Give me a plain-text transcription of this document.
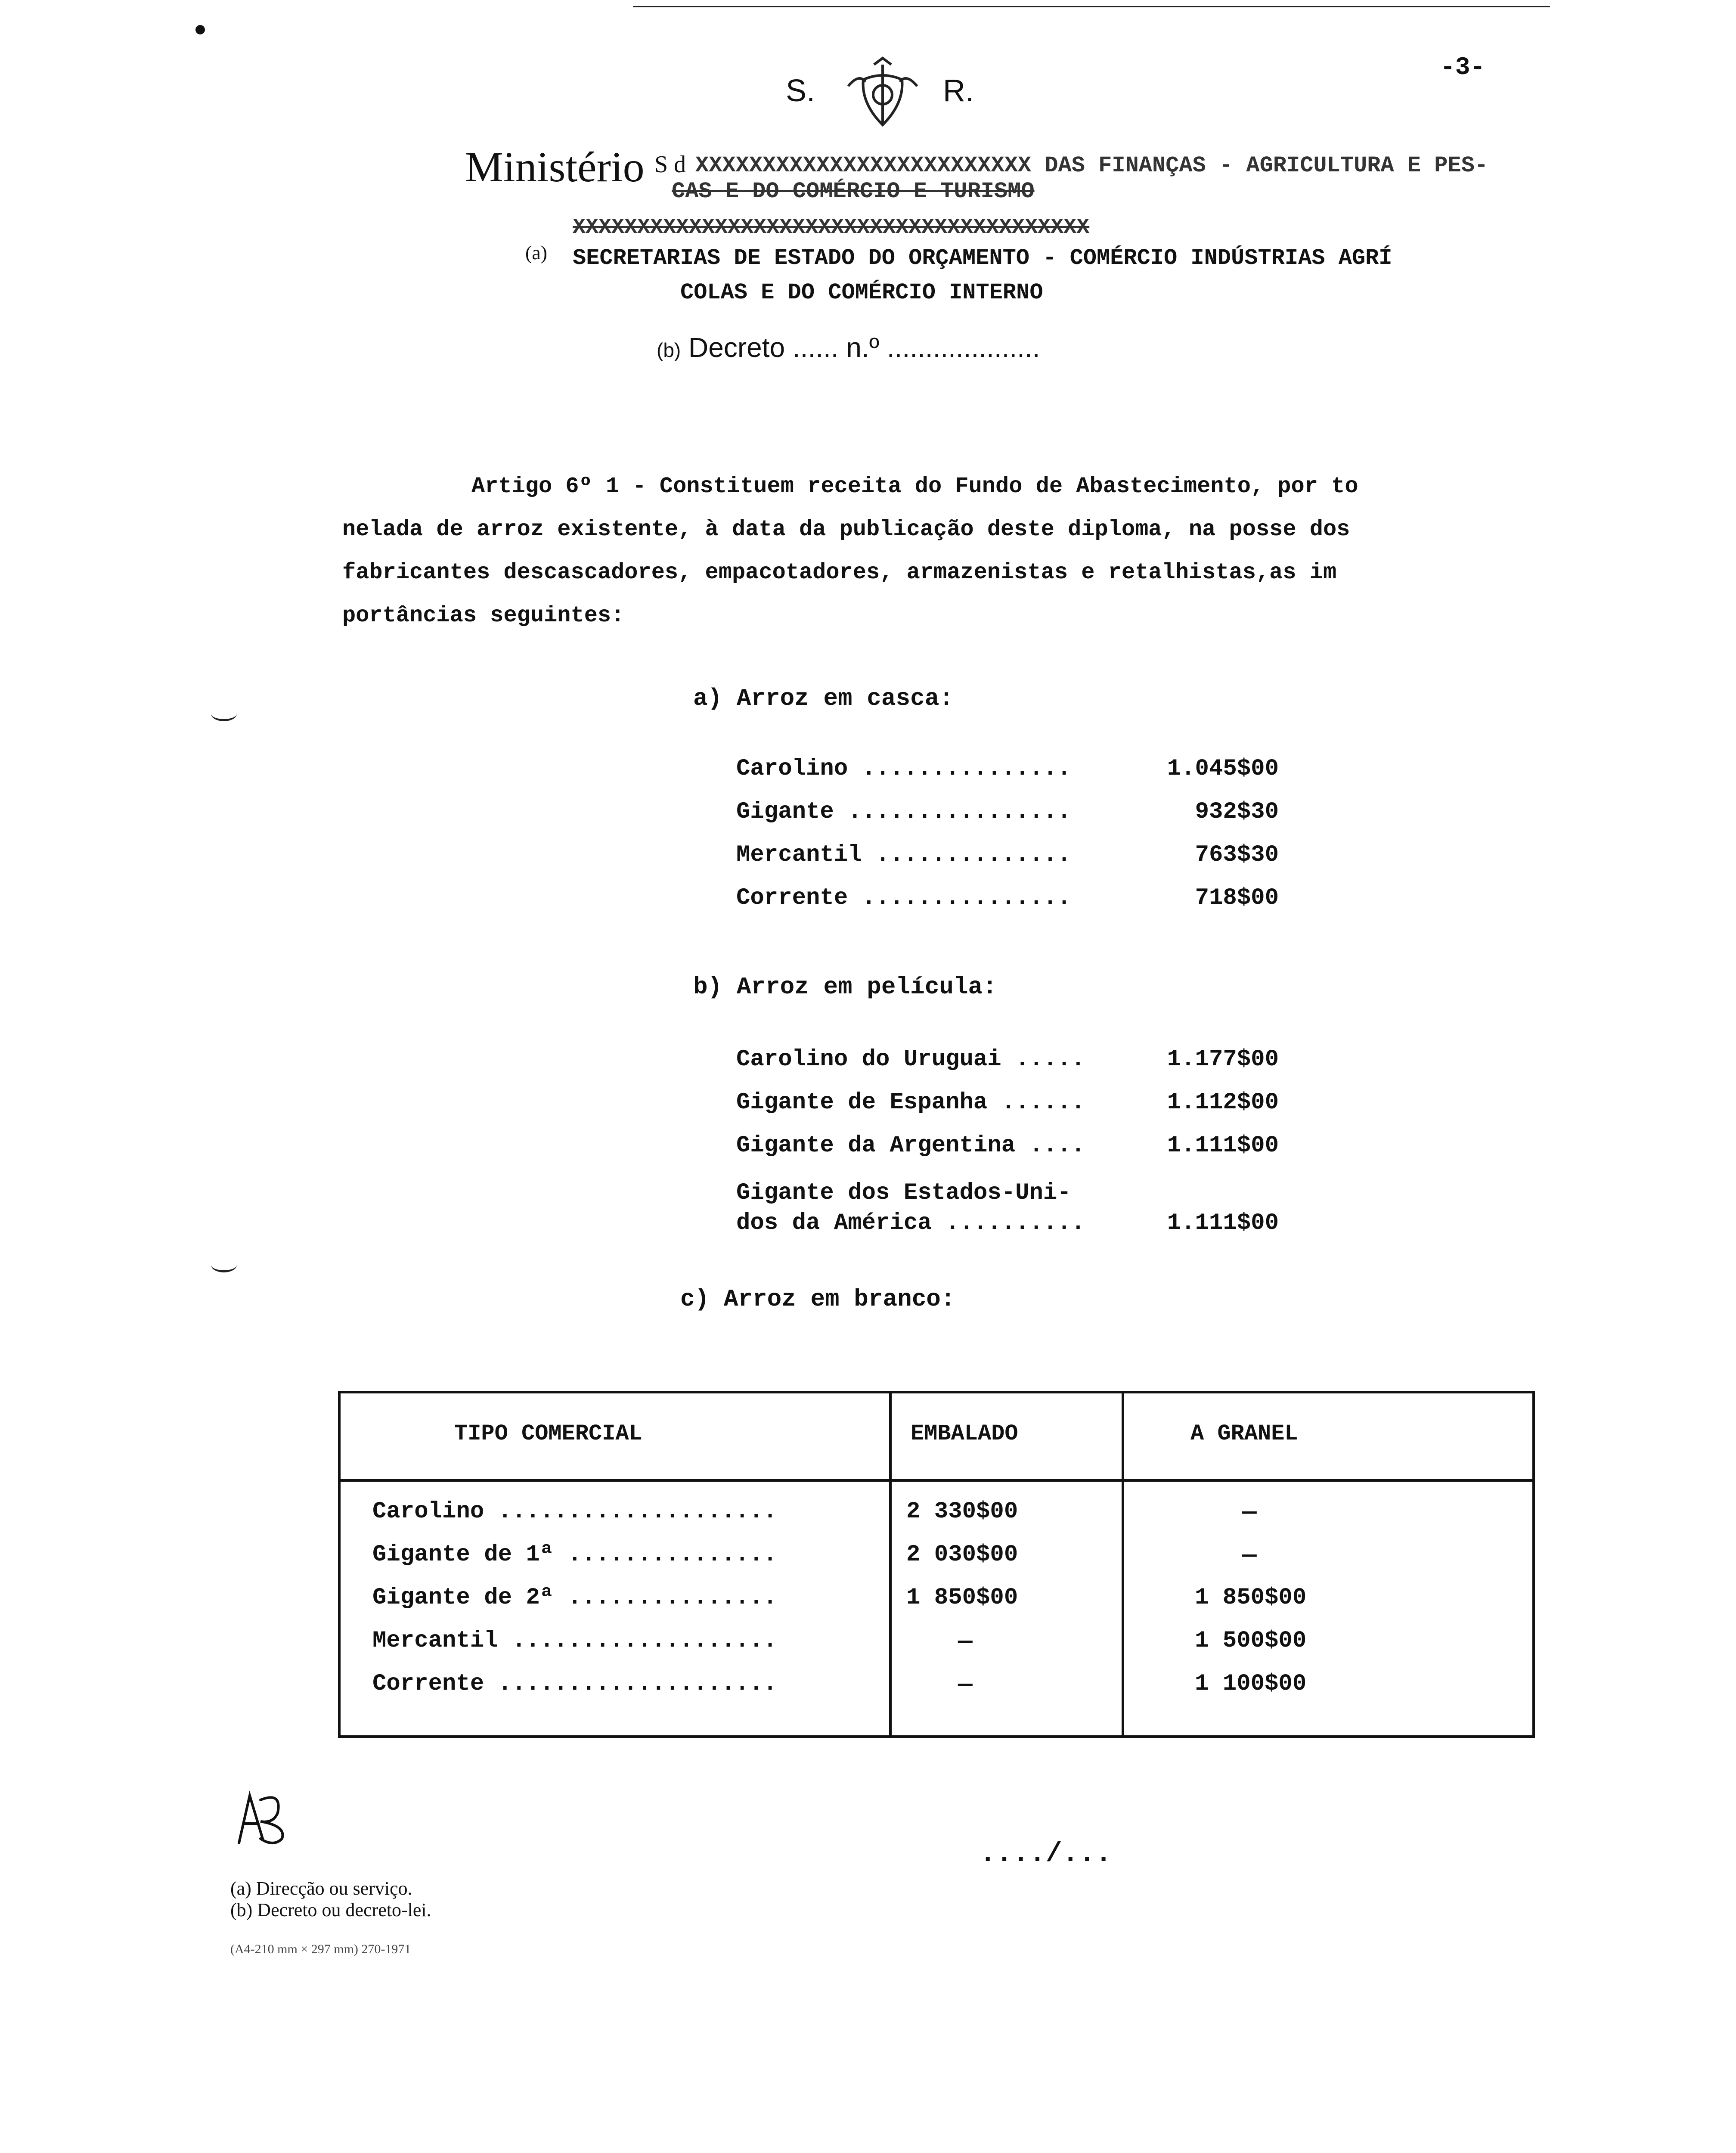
-3-
S.	R.
Ministério S d XXXXXXXXXXXXXXXXXXXXXXXXX DAS FINANÇAS - AGRICULTURA E PES-
CAS E DO COMÉRCIO E TURISMO
XXXXXXXXXXXXXXXXXXXXXXXXXXXXXXXXXXXXXXXX
(a) SECRETARIAS DE ESTADO DO ORÇAMENTO - COMÉRCIO INDÚSTRIAS AGRÍ
COLAS E DO COMÉRCIO INTERNO
(b) Decreto ...... n.º ....................

Artigo 6º 1 - Constituem receita do Fundo de Abastecimento, por to

nelada de arroz existente, à data da publicação deste diploma, na posse dos

fabricantes descascadores, empacotadores, armazenistas e retalhistas,as im

portâncias seguintes:

a) Arroz em casca:
Carolino ...............	1.045$00
Gigante ................	932$30
Mercantil ..............	763$30
Corrente ...............	718$00
b) Arroz em película:
Carolino do Uruguai .....	1.177$00
Gigante de Espanha ......	1.112$00
Gigante da Argentina ....	1.111$00
Gigante dos Estados-Uni-
dos da América ..........	1.111$00
c) Arroz em branco:
TIPO COMERCIAL	EMBALADO	A GRANEL
Carolino ....................	2 330$00	—
Gigante de 1ª ...............	2 030$00	—
Gigante de 2ª ...............	1 850$00	1 850$00
Mercantil ...................	—	1 500$00
Corrente ....................	—	1 100$00
..../...
(a) Direcção ou serviço.
(b) Decreto ou decreto-lei.
(A4-210 mm × 297 mm) 270-1971
